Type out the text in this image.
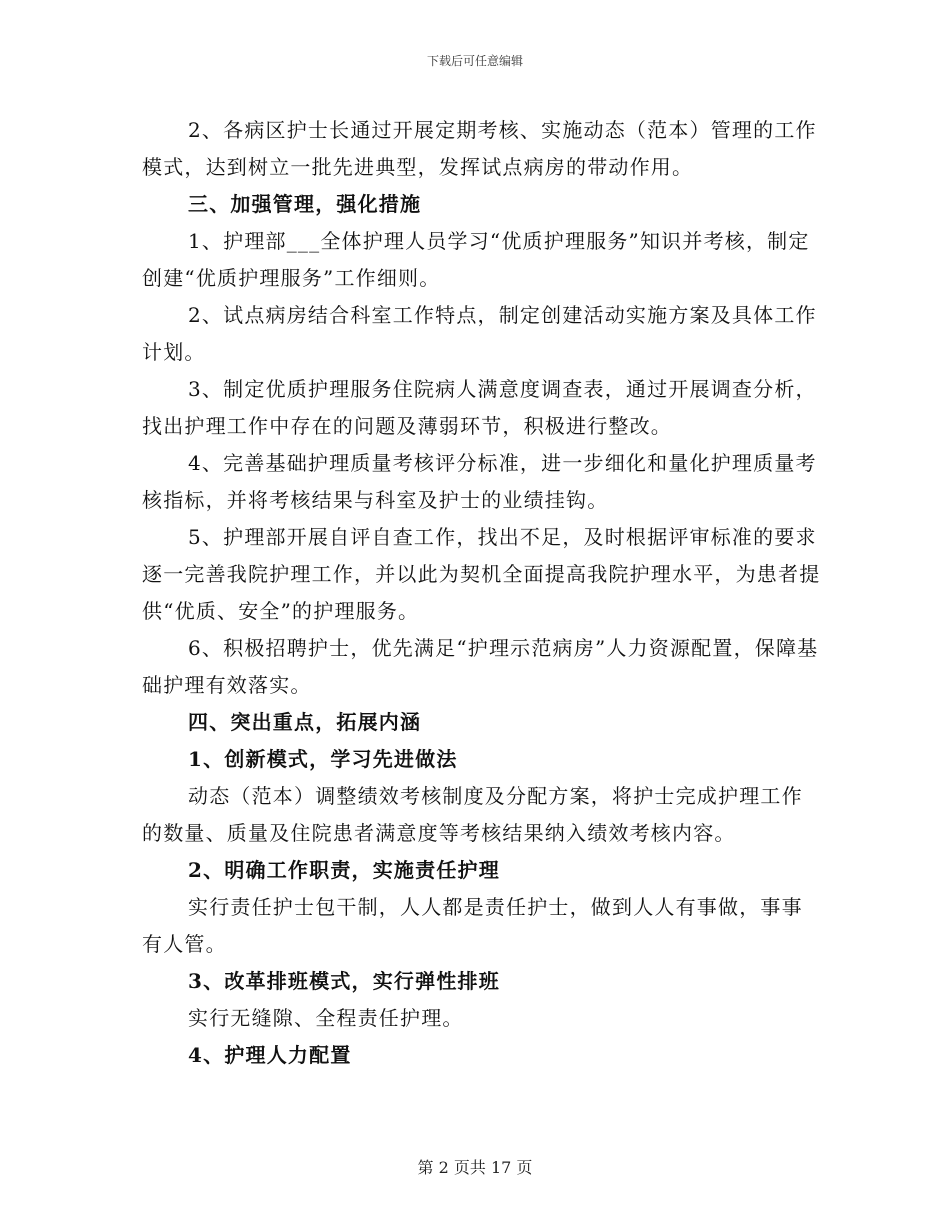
下载后可任意编辑

2、各病区护士长通过开展定期考核、实施动态（范本）管理的工作模式，达到树立一批先进典型，发挥试点病房的带动作用。

三、加强管理，强化措施

1、护理部___全体护理人员学习“优质护理服务”知识并考核，制定创建“优质护理服务”工作细则。

2、试点病房结合科室工作特点，制定创建活动实施方案及具体工作计划。

3、制定优质护理服务住院病人满意度调查表，通过开展调查分析，找出护理工作中存在的问题及薄弱环节，积极进行整改。

4、完善基础护理质量考核评分标准，进一步细化和量化护理质量考核指标，并将考核结果与科室及护士的业绩挂钩。

5、护理部开展自评自查工作，找出不足，及时根据评审标准的要求逐一完善我院护理工作，并以此为契机全面提高我院护理水平，为患者提供“优质、安全”的护理服务。

6、积极招聘护士，优先满足“护理示范病房”人力资源配置，保障基础护理有效落实。

四、突出重点，拓展内涵

1、创新模式，学习先进做法

动态（范本）调整绩效考核制度及分配方案，将护士完成护理工作的数量、质量及住院患者满意度等考核结果纳入绩效考核内容。

2、明确工作职责，实施责任护理

实行责任护士包干制，人人都是责任护士，做到人人有事做，事事有人管。

3、改革排班模式，实行弹性排班

实行无缝隙、全程责任护理。

4、护理人力配置

第 2 页共 17 页
